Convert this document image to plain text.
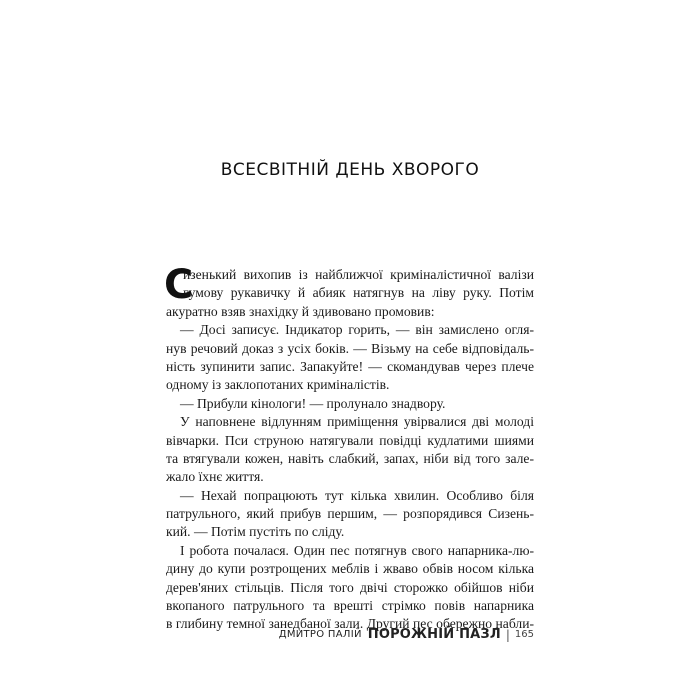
ВСЕСВІТНІЙ ДЕНЬ ХВОРОГО
С
изенький вихопив із найближчої криміналістичної валізи
гумову рукавичку й абияк натягнув на ліву руку. Потім
акуратно взяв знахідку й здивовано промовив:
— Досі записує. Індикатор горить, — він замислено огля-
нув речовий доказ з усіх боків. — Візьму на себе відповідаль-
ність зупинити запис. Запакуйте! — скомандував через плече
одному із заклопотаних криміналістів.
— Прибули кінологи! — пролунало знадвору.
У наповнене відлунням приміщення увірвалися дві молоді
вівчарки. Пси струною натягували повідці кудлатими шиями
та втягували кожен, навіть слабкий, запах, ніби від того зале-
жало їхнє життя.
— Нехай попрацюють тут кілька хвилин. Особливо біля
патрульного, який прибув першим, — розпорядився Сизень-
кий. — Потім пустіть по сліду.
І робота почалася. Один пес потягнув свого напарника-лю-
дину до купи розтрощених меблів і жваво обвів носом кілька
дерев'яних стільців. Після того двічі сторожко обійшов ніби
вкопаного патрульного та врешті стрімко повів напарника
в глибину темної занедбаної зали. Другий пес обережно набли-
ДМИТРО ПАЛІЙ ПОРОЖНІЙ ПАЗЛ | 165
